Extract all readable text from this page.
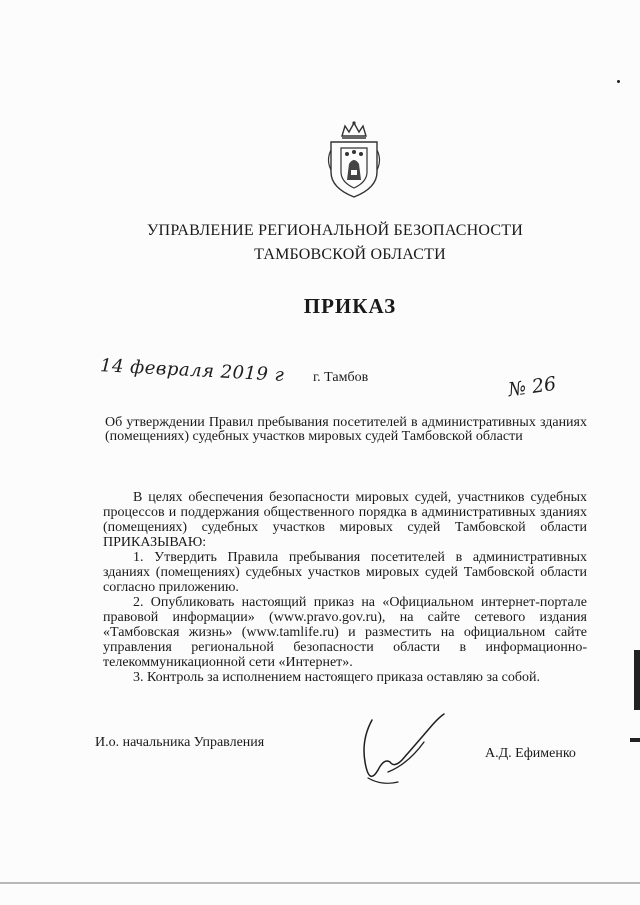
УПРАВЛЕНИЕ РЕГИОНАЛЬНОЙ БЕЗОПАСНОСТИ
ТАМБОВСКОЙ ОБЛАСТИ
ПРИКАЗ
14 февраля 2019 г г. Тамбов	№ 26
Об утверждении Правил пребывания посетителей в административных зданиях (помещениях) судебных участков мировых судей Тамбовской области

В целях обеспечения безопасности мировых судей, участников судебных процессов и поддержания общественного порядка в административных зданиях (помещениях) судебных участков мировых судей Тамбовской области ПРИКАЗЫВАЮ:

1. Утвердить Правила пребывания посетителей в административных зданиях (помещениях) судебных участков мировых судей Тамбовской области согласно приложению.

2. Опубликовать настоящий приказ на «Официальном интернет-портале правовой информации» (www.pravo.gov.ru), на сайте сетевого издания «Тамбовская жизнь» (www.tamlife.ru) и разместить на официальном сайте управления региональной безопасности области в информационно-телекоммуникационной сети «Интернет».

3. Контроль за исполнением настоящего приказа оставляю за собой.

И.о. начальника Управления
А.Д. Ефименко
